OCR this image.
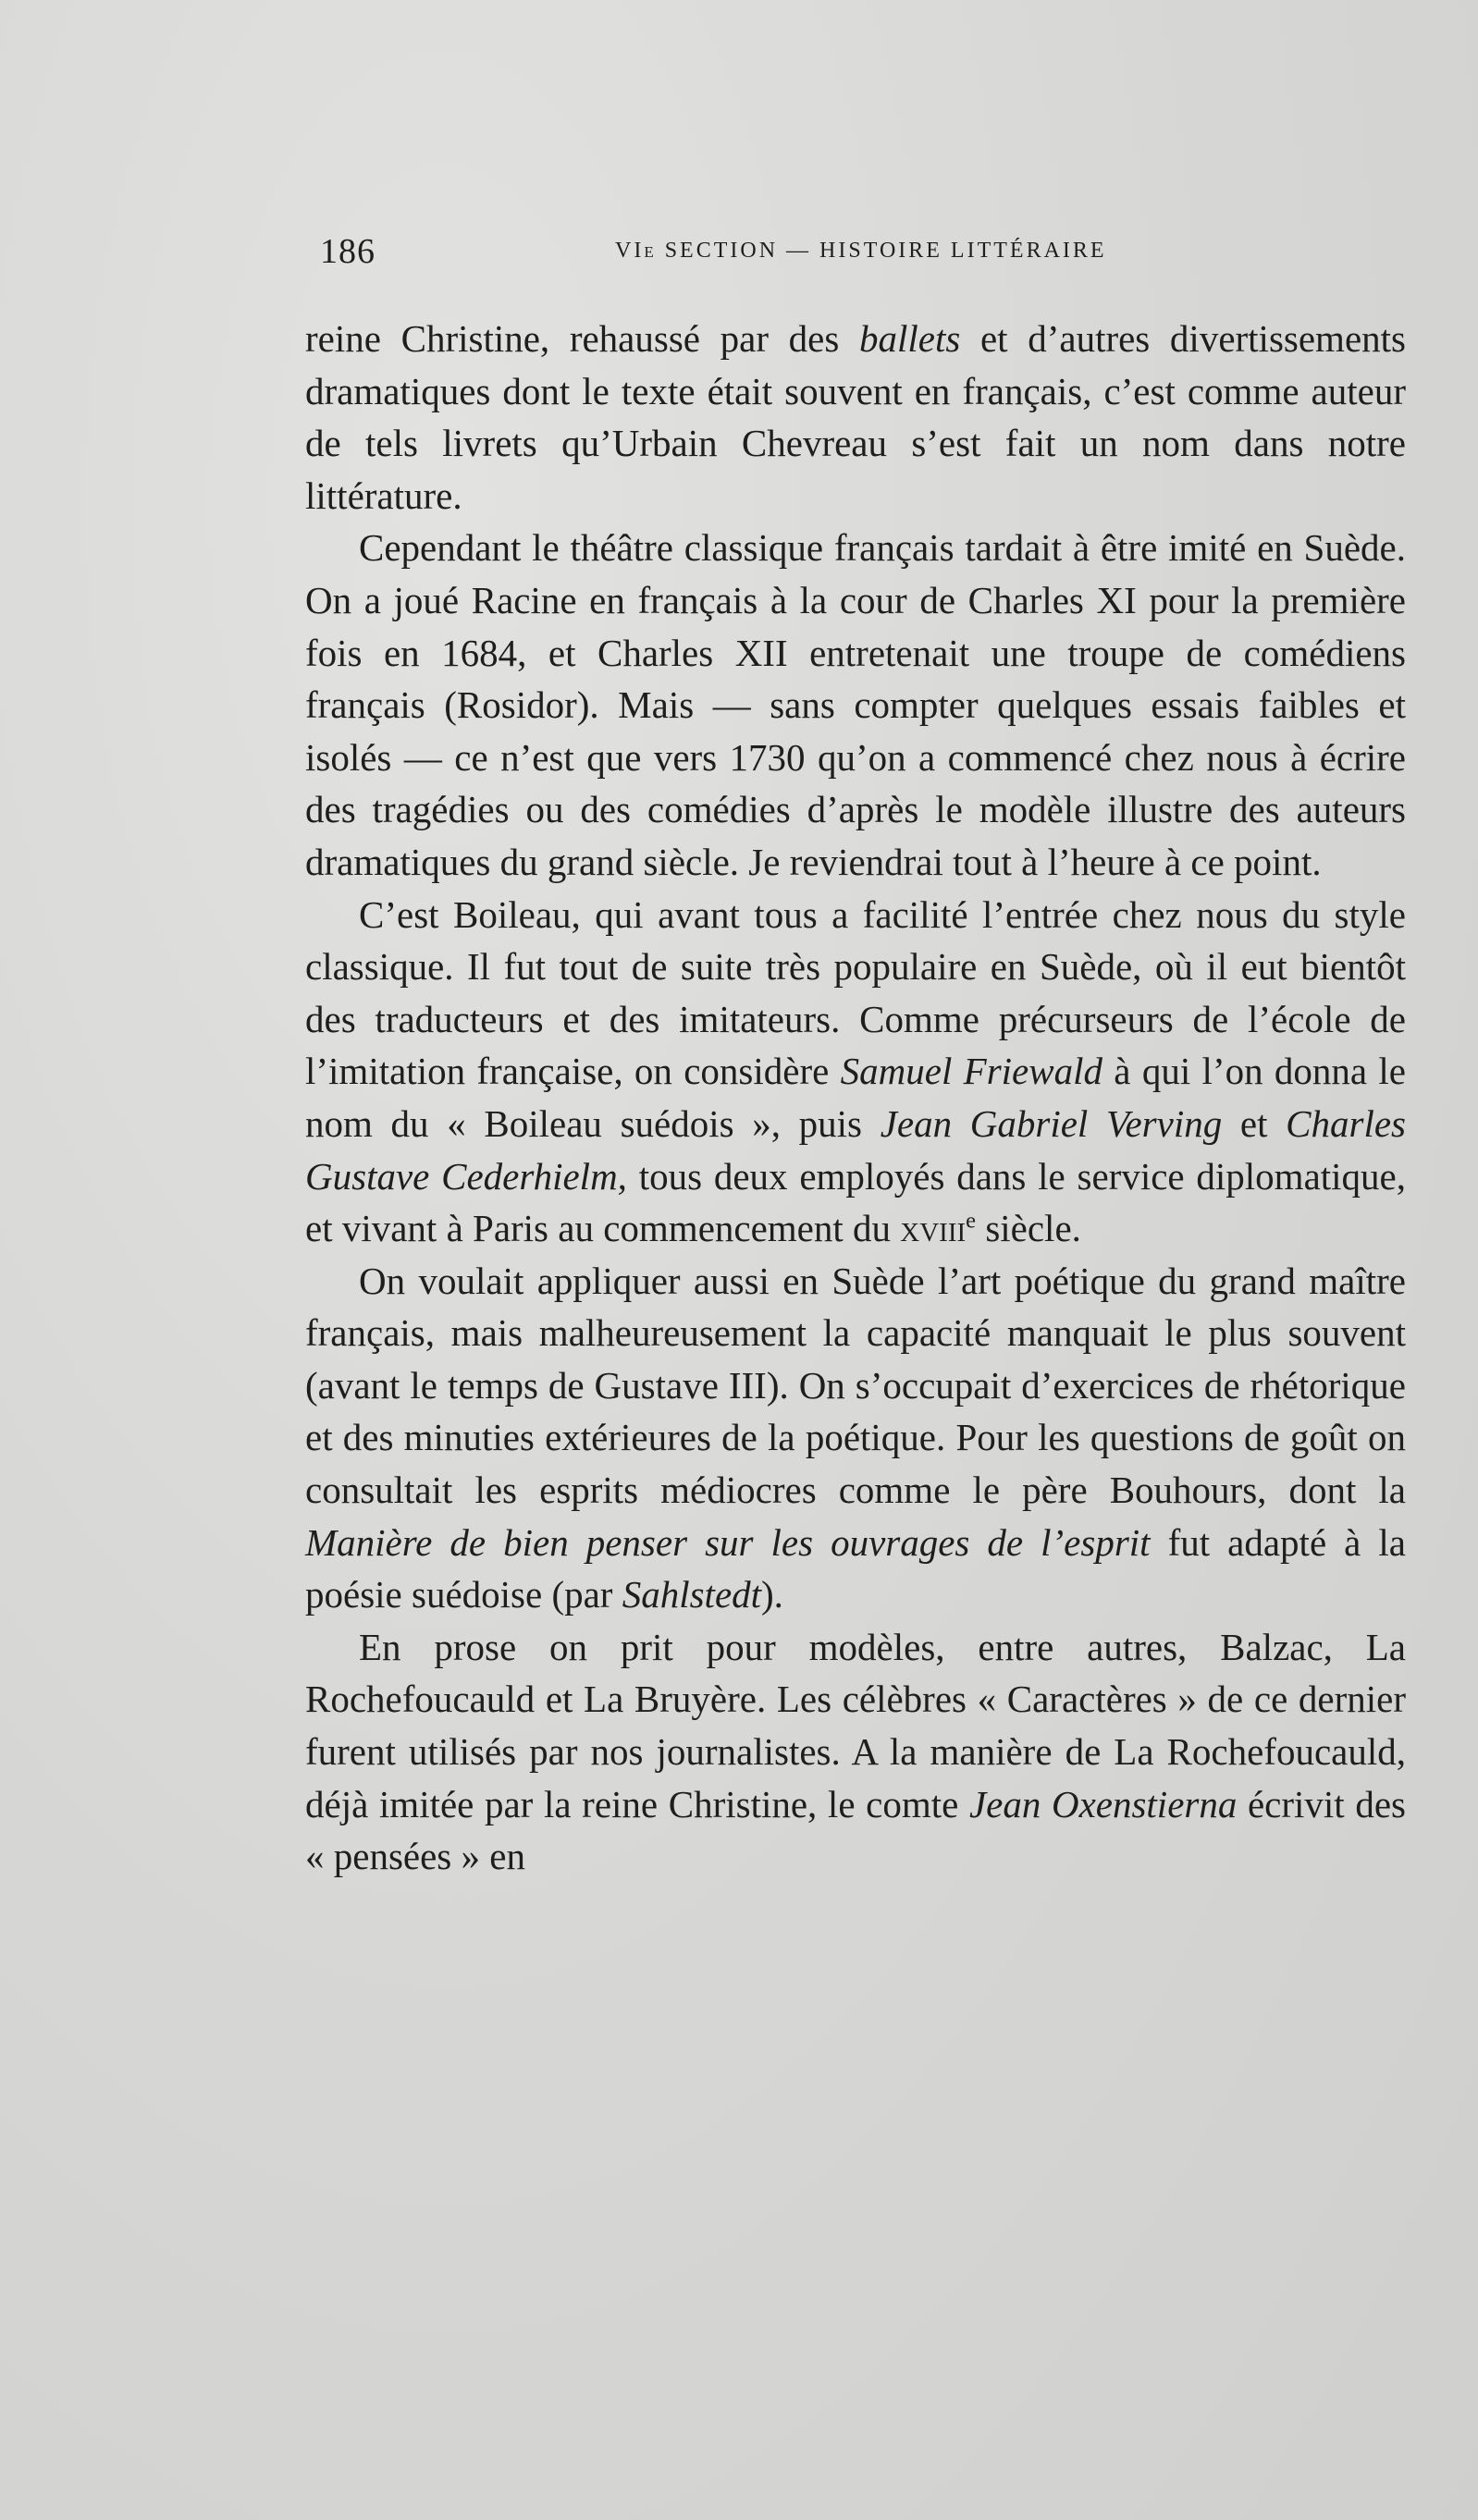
186	VIe SECTION — HISTOIRE LITTÉRAIRE

reine Christine, rehaussé par des ballets et d’autres divertissements dramatiques dont le texte était souvent en français, c’est comme auteur de tels livrets qu’Urbain Chevreau s’est fait un nom dans notre littérature.

Cependant le théâtre classique français tardait à être imité en Suède. On a joué Racine en français à la cour de Charles XI pour la première fois en 1684, et Charles XII entretenait une troupe de comédiens français (Rosidor). Mais — sans compter quelques essais faibles et isolés — ce n’est que vers 1730 qu’on a commencé chez nous à écrire des tragédies ou des comédies d’après le modèle illustre des auteurs dramatiques du grand siècle. Je reviendrai tout à l’heure à ce point.

C’est Boileau, qui avant tous a facilité l’entrée chez nous du style classique. Il fut tout de suite très populaire en Suède, où il eut bientôt des traducteurs et des imitateurs. Comme précurseurs de l’école de l’imitation française, on considère Samuel Friewald à qui l’on donna le nom du « Boileau suédois », puis Jean Gabriel Verving et Charles Gustave Cederhielm, tous deux employés dans le service diplomatique, et vivant à Paris au commencement du xviii$^e$ siècle.

On voulait appliquer aussi en Suède l’art poétique du grand maître français, mais malheureusement la capacité manquait le plus souvent (avant le temps de Gustave III). On s’occupait d’exercices de rhétorique et des minuties extérieures de la poétique. Pour les questions de goût on consultait les esprits médiocres comme le père Bouhours, dont la Manière de bien penser sur les ouvrages de l’esprit fut adapté à la poésie suédoise (par Sahlstedt).

En prose on prit pour modèles, entre autres, Balzac, La Rochefoucauld et La Bruyère. Les célèbres « Caractères » de ce dernier furent utilisés par nos journalistes. A la manière de La Rochefoucauld, déjà imitée par la reine Christine, le comte Jean Oxenstierna écrivit des « pensées » en
